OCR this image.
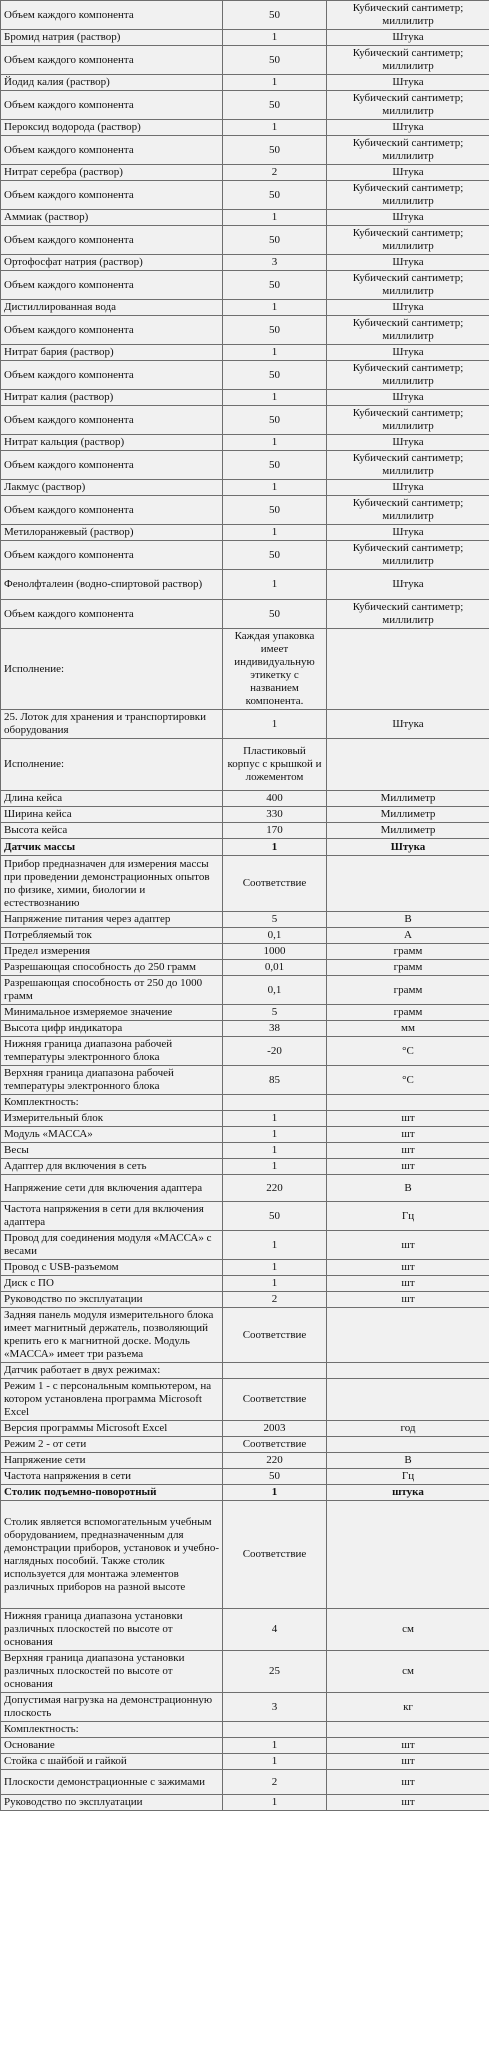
Объем каждого компонента	50	Кубический сантиметр; миллилитр
Бромид натрия (раствор)	1	Штука
Объем каждого компонента	50	Кубический сантиметр; миллилитр
Йодид калия (раствор)	1	Штука
Объем каждого компонента	50	Кубический сантиметр; миллилитр
Пероксид водорода (раствор)	1	Штука
Объем каждого компонента	50	Кубический сантиметр; миллилитр
Нитрат серебра (раствор)	2	Штука
Объем каждого компонента	50	Кубический сантиметр; миллилитр
Аммиак (раствор)	1	Штука
Объем каждого компонента	50	Кубический сантиметр; миллилитр
Ортофосфат натрия (раствор)	3	Штука
Объем каждого компонента	50	Кубический сантиметр; миллилитр
Дистиллированная вода	1	Штука
Объем каждого компонента	50	Кубический сантиметр; миллилитр
Нитрат бария (раствор)	1	Штука
Объем каждого компонента	50	Кубический сантиметр; миллилитр
Нитрат калия (раствор)	1	Штука
Объем каждого компонента	50	Кубический сантиметр; миллилитр
Нитрат кальция (раствор)	1	Штука
Объем каждого компонента	50	Кубический сантиметр; миллилитр
Лакмус (раствор)	1	Штука
Объем каждого компонента	50	Кубический сантиметр; миллилитр
Метилоранжевый (раствор)	1	Штука
Объем каждого компонента	50	Кубический сантиметр; миллилитр
Фенолфталеин (водно-спиртовой раствор)	1	Штука
Объем каждого компонента	50	Кубический сантиметр; миллилитр
Исполнение:	Каждая упаковка имеет индивидуальную этикетку с названием компонента.	
25. Лоток для хранения и транспортировки оборудования	1	Штука
Исполнение:	Пластиковый корпус с крышкой и ложементом	
Длина кейса	400	Миллиметр
Ширина кейса	330	Миллиметр
Высота кейса	170	Миллиметр
Датчик массы	1	Штука
Прибор предназначен для измерения массы при проведении демонстрационных опытов по физике, химии, биологии и естествознанию	Соответствие	
Напряжение питания через адаптер	5	В
Потребляемый ток	0,1	А
Предел измерения	1000	грамм
Разрешающая способность до 250 грамм	0,01	грамм
Разрешающая способность от 250 до 1000 грамм	0,1	грамм
Минимальное измеряемое значение	5	грамм
Высота цифр индикатора	38	мм
Нижняя граница диапазона рабочей температуры электронного блока	-20	°С
Верхняя граница диапазона рабочей температуры электронного блока	85	°С
Комплектность:		
Измерительный блок	1	шт
Модуль «МАССА»	1	шт
Весы	1	шт
Адаптер для включения в сеть	1	шт
Напряжение сети для включения адаптера	220	В
Частота напряжения в сети для включения адаптера	50	Гц
Провод для соединения модуля «МАССА» с весами	1	шт
Провод с USB-разъемом	1	шт
Диск с ПО	1	шт
Руководство по эксплуатации	2	шт
Задняя панель модуля измерительного блока имеет магнитный держатель, позволяющий крепить его к магнитной доске. Модуль «МАССА» имеет три разъема	Соответствие	
Датчик работает в двух режимах:		
Режим 1 - с персональным компьютером, на котором установлена программа Microsoft Excel	Соответствие	
Версия программы Microsoft Excel	2003	год
Режим 2 - от сети	Соответствие	
Напряжение сети	220	В
Частота напряжения в сети	50	Гц
Столик подъемно-поворотный	1	штука
Столик является вспомогательным учебным оборудованием, предназначенным для демонстрации приборов, установок и учебно-наглядных пособий. Также столик используется для монтажа элементов различных приборов на разной высоте	Соответствие	
Нижняя граница диапазона установки различных плоскостей по высоте от основания	4	см
Верхняя граница диапазона установки различных плоскостей по высоте от основания	25	см
Допустимая нагрузка на демонстрационную плоскость	3	кг
Комплектность:		
Основание	1	шт
Стойка с шайбой и гайкой	1	шт
Плоскости демонстрационные с зажимами	2	шт
Руководство по эксплуатации	1	шт
